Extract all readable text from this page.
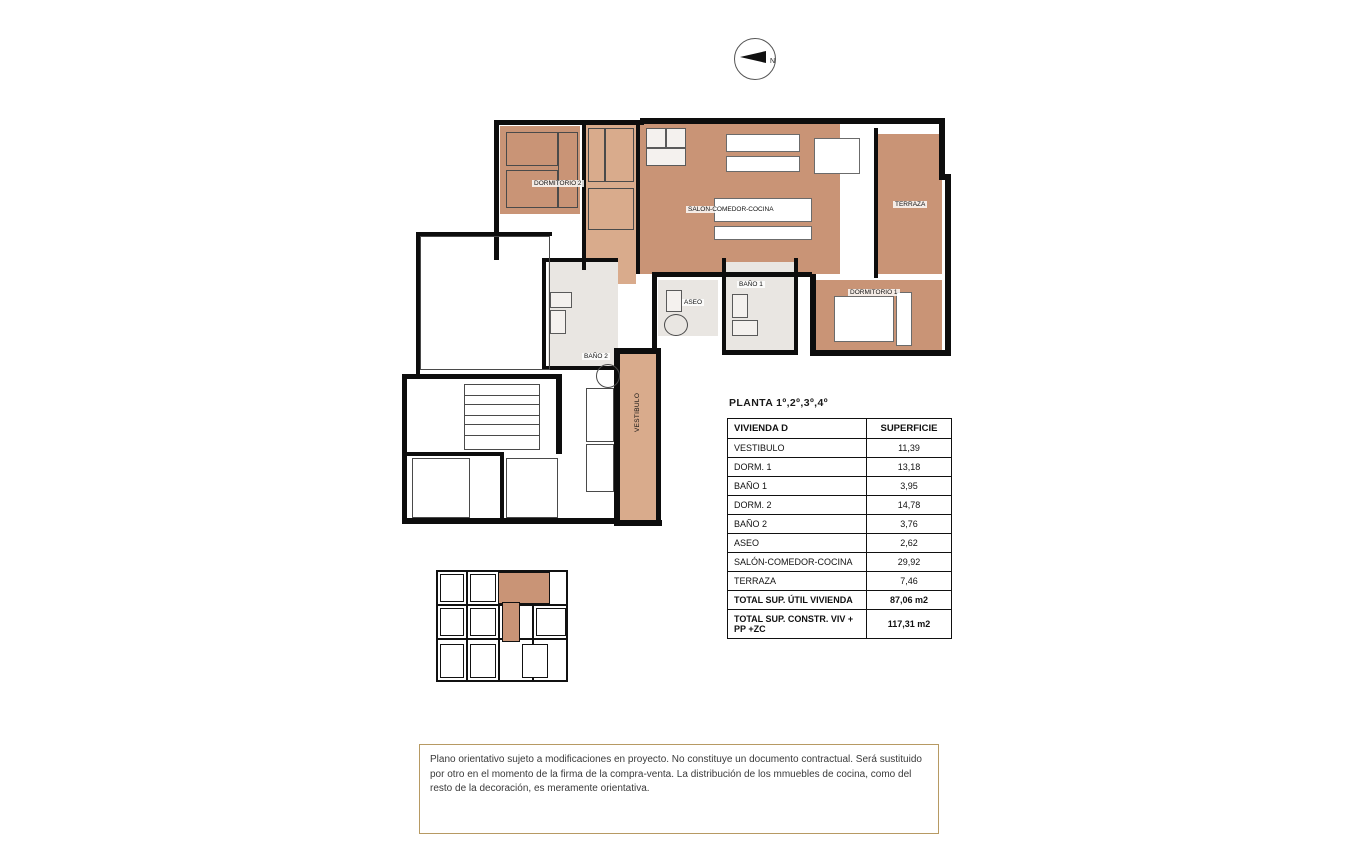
N
DORMITORIO 2
SALON-COMEDOR-COCINA
TERRAZA
ASEO
BAÑO 1
DORMITORIO 1
BAÑO 2
VESTIBULO	PLANTA 1º,2º,3º,4º
VIVIENDA D	SUPERFICIE
VESTIBULO	11,39
DORM. 1	13,18
BAÑO 1	3,95
DORM. 2	14,78
BAÑO 2	3,76
ASEO	2,62
SALÓN-COMEDOR-COCINA	29,92
TERRAZA	7,46
TOTAL SUP. ÚTIL VIVIENDA	87,06 m2
TOTAL SUP. CONSTR. VIV + PP +ZC	117,31 m2

Plano orientativo sujeto a modificaciones en proyecto. No constituye un documento contractual. Será sustituido por otro en el momento de la firma de la compra-venta. La distribución de los mmuebles de cocina, como del resto de la decoración, es meramente orientativa.
